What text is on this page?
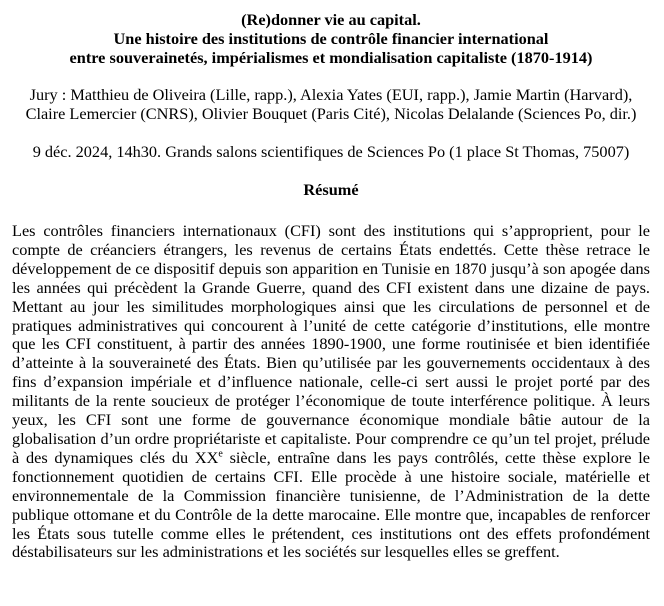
(Re)donner vie au capital.
Une histoire des institutions de contrôle financier international
entre souverainetés, impérialismes et mondialisation capitaliste (1870-1914)
Jury : Matthieu de Oliveira (Lille, rapp.), Alexia Yates (EUI, rapp.), Jamie Martin (Harvard), Claire Lemercier (CNRS), Olivier Bouquet (Paris Cité), Nicolas Delalande (Sciences Po, dir.)
9 déc. 2024, 14h30. Grands salons scientifiques de Sciences Po (1 place St Thomas, 75007)
Résumé
Les contrôles financiers internationaux (CFI) sont des institutions qui s’approprient, pour le compte de créanciers étrangers, les revenus de certains États endettés. Cette thèse retrace le développement de ce dispositif depuis son apparition en Tunisie en 1870 jusqu’à son apogée dans les années qui précèdent la Grande Guerre, quand des CFI existent dans une dizaine de pays. Mettant au jour les similitudes morphologiques ainsi que les circulations de personnel et de pratiques administratives qui concourent à l’unité de cette catégorie d’institutions, elle montre que les CFI constituent, à partir des années 1890-1900, une forme routinisée et bien identifiée d’atteinte à la souveraineté des États. Bien qu’utilisée par les gouvernements occidentaux à des fins d’expansion impériale et d’influence nationale, celle-ci sert aussi le projet porté par des militants de la rente soucieux de protéger l’économique de toute interférence politique. À leurs yeux, les CFI sont une forme de gouvernance économique mondiale bâtie autour de la globalisation d’un ordre propriétariste et capitaliste. Pour comprendre ce qu’un tel projet, prélude à des dynamiques clés du XXe siècle, entraîne dans les pays contrôlés, cette thèse explore le fonctionnement quotidien de certains CFI. Elle procède à une histoire sociale, matérielle et environnementale de la Commission financière tunisienne, de l’Administration de la dette publique ottomane et du Contrôle de la dette marocaine. Elle montre que, incapables de renforcer les États sous tutelle comme elles le prétendent, ces institutions ont des effets profondément déstabilisateurs sur les administrations et les sociétés sur lesquelles elles se greffent.
